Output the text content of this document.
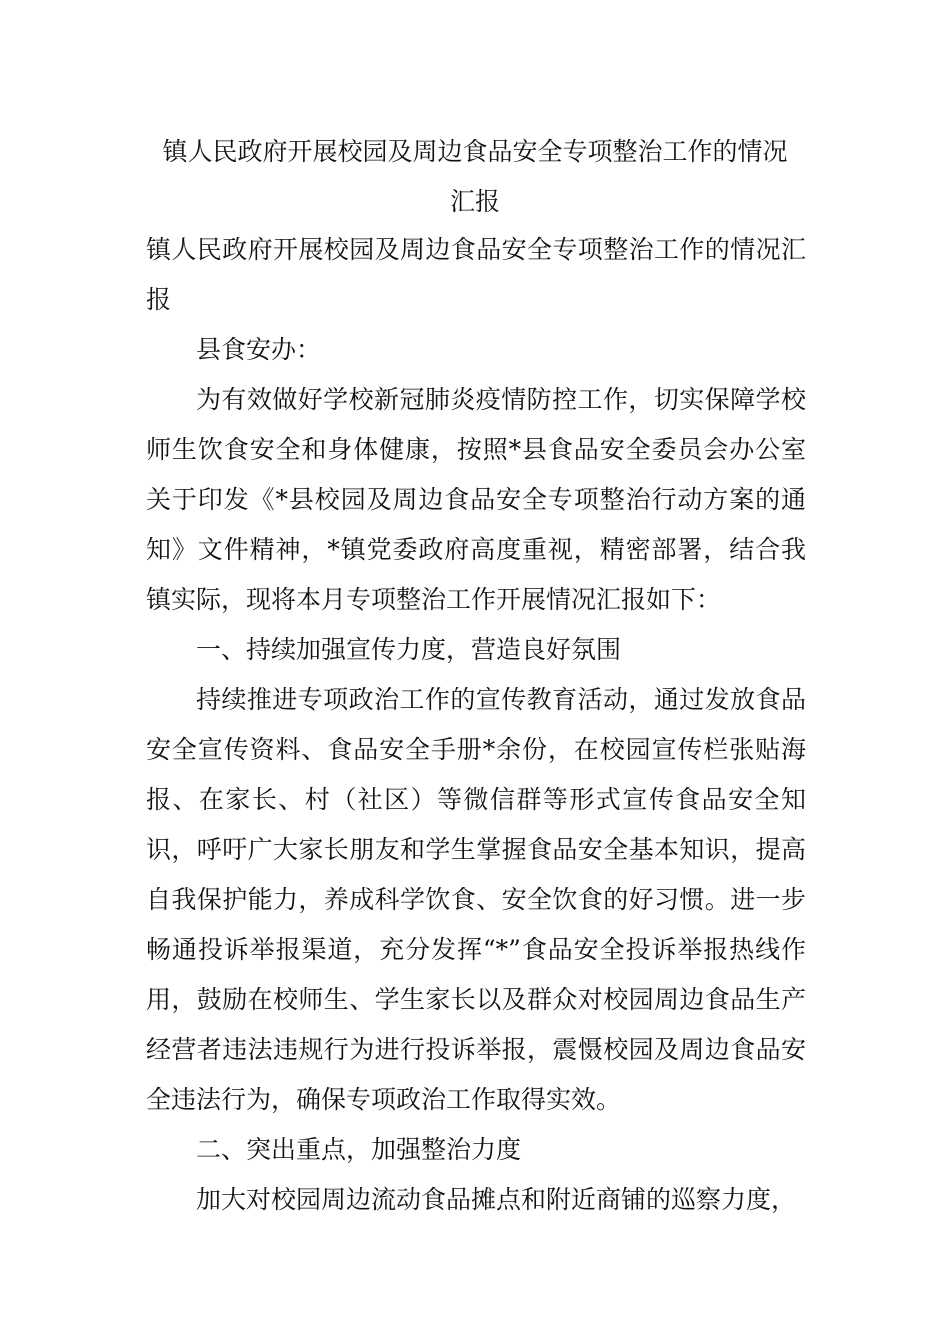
镇人民政府开展校园及周边食品安全专项整治工作的情况
汇报

镇人民政府开展校园及周边食品安全专项整治工作的情况汇报

县食安办：

为有效做好学校新冠肺炎疫情防控工作，切实保障学校师生饮食安全和身体健康，按照*县食品安全委员会办公室关于印发《*县校园及周边食品安全专项整治行动方案的通知》文件精神，*镇党委政府高度重视，精密部署，结合我镇实际，现将本月专项整治工作开展情况汇报如下：

一、持续加强宣传力度，营造良好氛围

持续推进专项政治工作的宣传教育活动，通过发放食品安全宣传资料、食品安全手册*余份，在校园宣传栏张贴海报、在家长、村（社区）等微信群等形式宣传食品安全知识，呼吁广大家长朋友和学生掌握食品安全基本知识，提高自我保护能力，养成科学饮食、安全饮食的好习惯。进一步畅通投诉举报渠道，充分发挥“*”食品安全投诉举报热线作用，鼓励在校师生、学生家长以及群众对校园周边食品生产经营者违法违规行为进行投诉举报，震慑校园及周边食品安全违法行为，确保专项政治工作取得实效。

二、突出重点，加强整治力度

加大对校园周边流动食品摊点和附近商铺的巡察力度，
